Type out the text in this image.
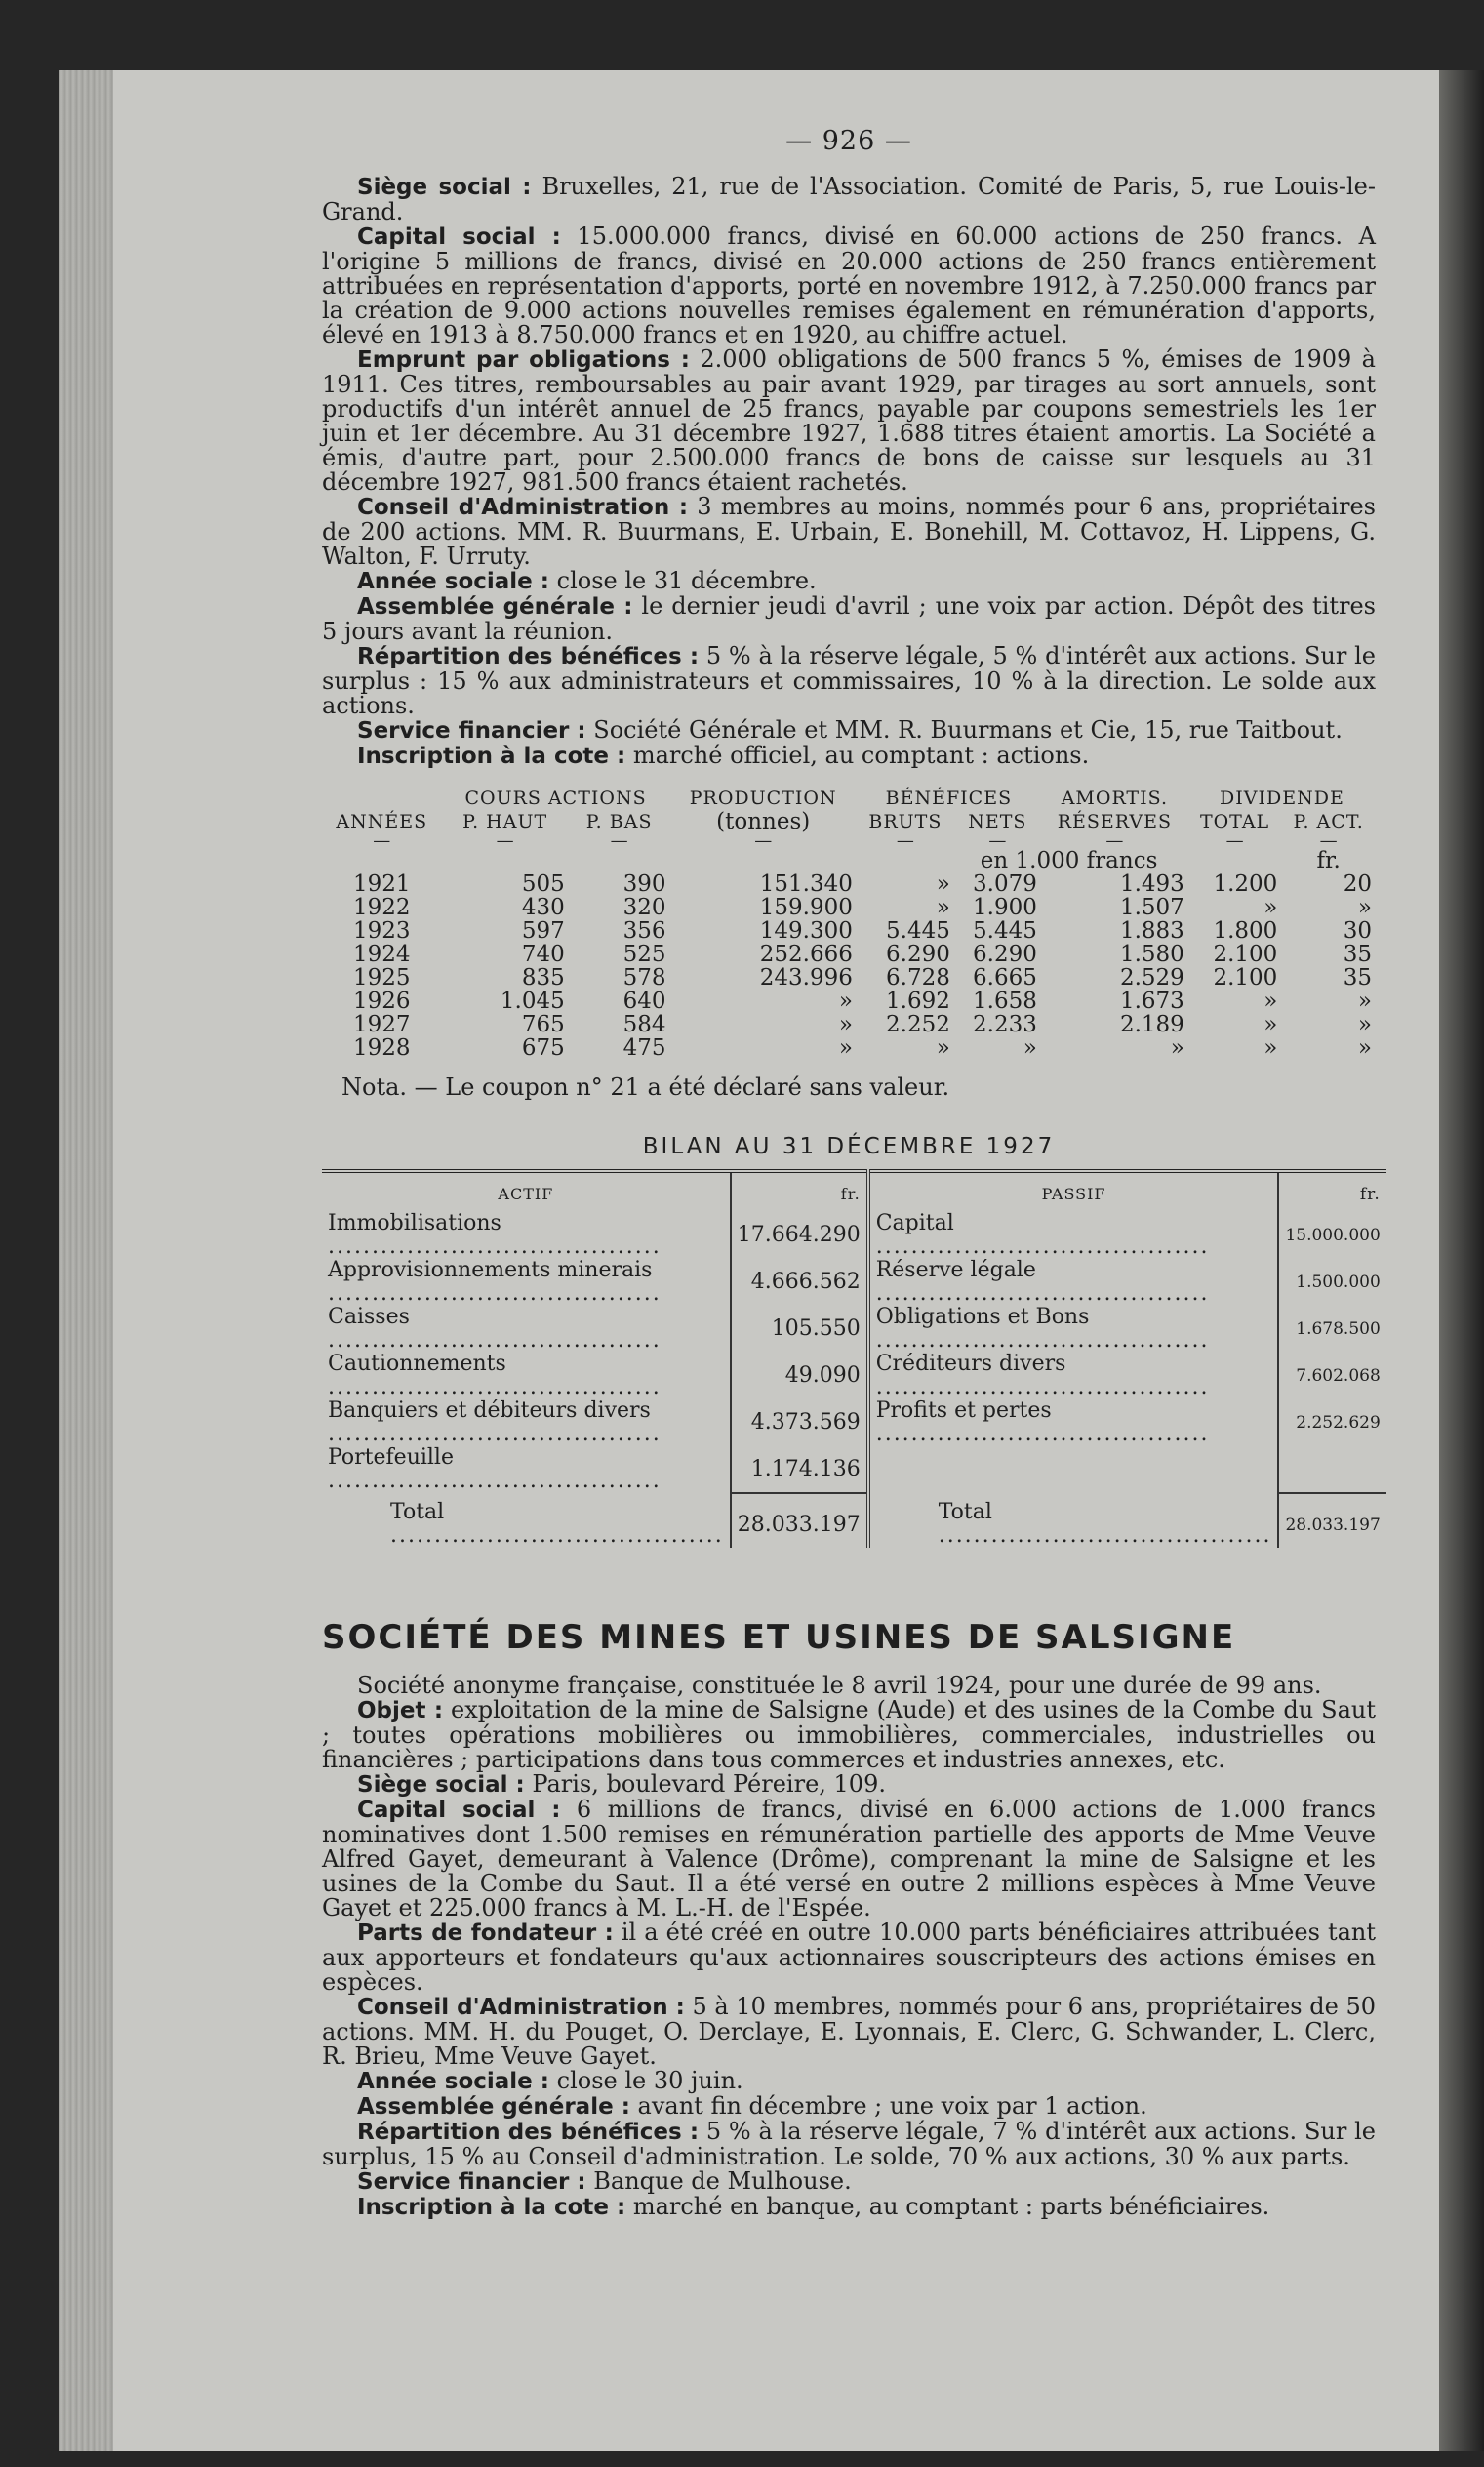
— 926 —

Siège social : Bruxelles, 21, rue de l'Association. Comité de Paris, 5, rue Louis-le-Grand.

Capital social : 15.000.000 francs, divisé en 60.000 actions de 250 francs. A l'origine 5 millions de francs, divisé en 20.000 actions de 250 francs entièrement attribuées en représentation d'apports, porté en novembre 1912, à 7.250.000 francs par la création de 9.000 actions nouvelles remises également en rémunération d'apports, élevé en 1913 à 8.750.000 francs et en 1920, au chiffre actuel.

Emprunt par obligations : 2.000 obligations de 500 francs 5 %, émises de 1909 à 1911. Ces titres, remboursables au pair avant 1929, par tirages au sort annuels, sont productifs d'un intérêt annuel de 25 francs, payable par coupons semestriels les 1er juin et 1er décembre. Au 31 décembre 1927, 1.688 titres étaient amortis. La Société a émis, d'autre part, pour 2.500.000 francs de bons de caisse sur lesquels au 31 décembre 1927, 981.500 francs étaient rachetés.

Conseil d'Administration : 3 membres au moins, nommés pour 6 ans, propriétaires de 200 actions. MM. R. Buurmans, E. Urbain, E. Bonehill, M. Cottavoz, H. Lippens, G. Walton, F. Urruty.

Année sociale : close le 31 décembre.

Assemblée générale : le dernier jeudi d'avril ; une voix par action. Dépôt des titres 5 jours avant la réunion.

Répartition des bénéfices : 5 % à la réserve légale, 5 % d'intérêt aux actions. Sur le surplus : 15 % aux administrateurs et commissaires, 10 % à la direction. Le solde aux actions.

Service financier : Société Générale et MM. R. Buurmans et Cie, 15, rue Taitbout.

Inscription à la cote : marché officiel, au comptant : actions.

	COURS ACTIONS		PRODUCTION	BÉNÉFICES		AMORTIS.	DIVIDENDE	
ANNÉES	P. HAUT	P. BAS	(tonnes)	BRUTS	NETS	RÉSERVES	TOTAL	P. ACT.
—	—	—	—	—	—	—	—	—
				en 1.000 francs				fr.
1921	505	390	151.340	»	3.079	1.493	1.200	20
1922	430	320	159.900	»	1.900	1.507	»	»
1923	597	356	149.300	5.445	5.445	1.883	1.800	30
1924	740	525	252.666	6.290	6.290	1.580	2.100	35
1925	835	578	243.996	6.728	6.665	2.529	2.100	35
1926	1.045	640	»	1.692	1.658	1.673	»	»
1927	765	584	»	2.252	2.233	2.189	»	»
1928	675	475	»	»	»	»	»	»

Nota. — Le coupon n° 21 a été déclaré sans valeur.

BILAN AU 31 DÉCEMBRE 1927
ACTIF	fr.	PASSIF	fr.
Immobilisations .....	17.664.290	Capital .....	15.000.000
Approvisionnements minerais .....	4.666.562	Réserve légale .....	1.500.000
Caisses .....	105.550	Obligations et Bons .....	1.678.500
Cautionnements .....	49.090	Créditeurs divers .....	7.602.068
Banquiers et débiteurs divers .....	4.373.569	Profits et pertes .....	2.252.629
Portefeuille .....	1.174.136		
Total .....	28.033.197	Total .....	28.033.197
SOCIÉTÉ DES MINES ET USINES DE SALSIGNE

Société anonyme française, constituée le 8 avril 1924, pour une durée de 99 ans.

Objet : exploitation de la mine de Salsigne (Aude) et des usines de la Combe du Saut ; toutes opérations mobilières ou immobilières, commerciales, industrielles ou financières ; participations dans tous commerces et industries annexes, etc.

Siège social : Paris, boulevard Péreire, 109.

Capital social : 6 millions de francs, divisé en 6.000 actions de 1.000 francs nominatives dont 1.500 remises en rémunération partielle des apports de Mme Veuve Alfred Gayet, demeurant à Valence (Drôme), comprenant la mine de Salsigne et les usines de la Combe du Saut. Il a été versé en outre 2 millions espèces à Mme Veuve Gayet et 225.000 francs à M. L.-H. de l'Espée.

Parts de fondateur : il a été créé en outre 10.000 parts bénéficiaires attribuées tant aux apporteurs et fondateurs qu'aux actionnaires souscripteurs des actions émises en espèces.

Conseil d'Administration : 5 à 10 membres, nommés pour 6 ans, propriétaires de 50 actions. MM. H. du Pouget, O. Derclaye, E. Lyonnais, E. Clerc, G. Schwander, L. Clerc, R. Brieu, Mme Veuve Gayet.

Année sociale : close le 30 juin.

Assemblée générale : avant fin décembre ; une voix par 1 action.

Répartition des bénéfices : 5 % à la réserve légale, 7 % d'intérêt aux actions. Sur le surplus, 15 % au Conseil d'administration. Le solde, 70 % aux actions, 30 % aux parts.

Service financier : Banque de Mulhouse.

Inscription à la cote : marché en banque, au comptant : parts bénéficiaires.
